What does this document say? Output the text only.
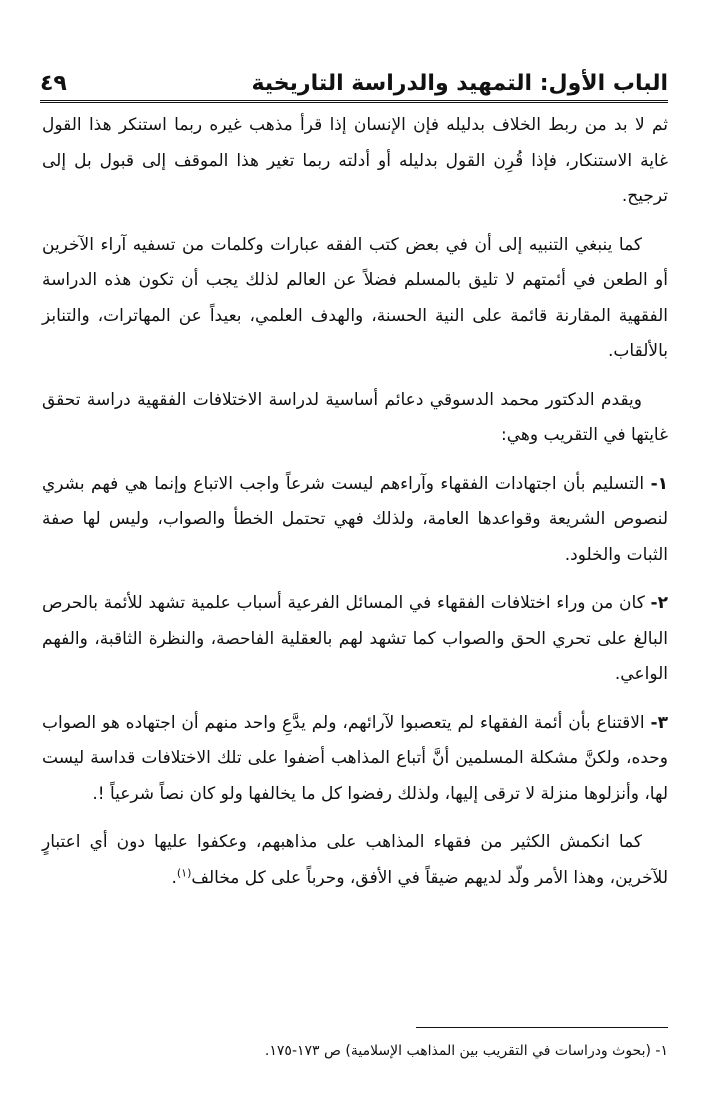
٤٩	الباب الأول: التمهيد والدراسة التاريخية

ثم لا بد من ربط الخلاف بدليله فإن الإنسان إذا قرأ مذهب غيره ربما استنكر هذا القول غاية الاستنكار، فإذا قُرِن القول بدليله أو أدلته ربما تغير هذا الموقف إلى قبول بل إلى ترجيح.

كما ينبغي التنبيه إلى أن في بعض كتب الفقه عبارات وكلمات من تسفيه آراء الآخرين أو الطعن في أئمتهم لا تليق بالمسلم فضلاً عن العالم لذلك يجب أن تكون هذه الدراسة الفقهية المقارنة قائمة على النية الحسنة، والهدف العلمي، بعيداً عن المهاترات، والتنابز بالألقاب.

ويقدم الدكتور محمد الدسوقي دعائم أساسية لدراسة الاختلافات الفقهية دراسة تحقق غايتها في التقريب وهي:

١- التسليم بأن اجتهادات الفقهاء وآراءهم ليست شرعاً واجب الاتباع وإنما هي فهم بشري لنصوص الشريعة وقواعدها العامة، ولذلك فهي تحتمل الخطأ والصواب، وليس لها صفة الثبات والخلود.

٢- كان من وراء اختلافات الفقهاء في المسائل الفرعية أسباب علمية تشهد للأئمة بالحرص البالغ على تحري الحق والصواب كما تشهد لهم بالعقلية الفاحصة، والنظرة الثاقبة، والفهم الواعي.

٣- الاقتناع بأن أئمة الفقهاء لم يتعصبوا لآرائهم، ولم يدَّعِ واحد منهم أن اجتهاده هو الصواب وحده، ولكنَّ مشكلة المسلمين أنَّ أتباع المذاهب أضفوا على تلك الاختلافات قداسة ليست لها، وأنزلوها منزلة لا ترقى إليها، ولذلك رفضوا كل ما يخالفها ولو كان نصاً شرعياً !.

كما انكمش الكثير من فقهاء المذاهب على مذاهبهم، وعكفوا عليها دون أي اعتبارٍ للآخرين، وهذا الأمر ولّد لديهم ضيقاً في الأفق، وحرباً على كل مخالف$^{(١)}$.

١- (بحوث ودراسات في التقريب بين المذاهب الإسلامية) ص ١٧٣-١٧٥.
